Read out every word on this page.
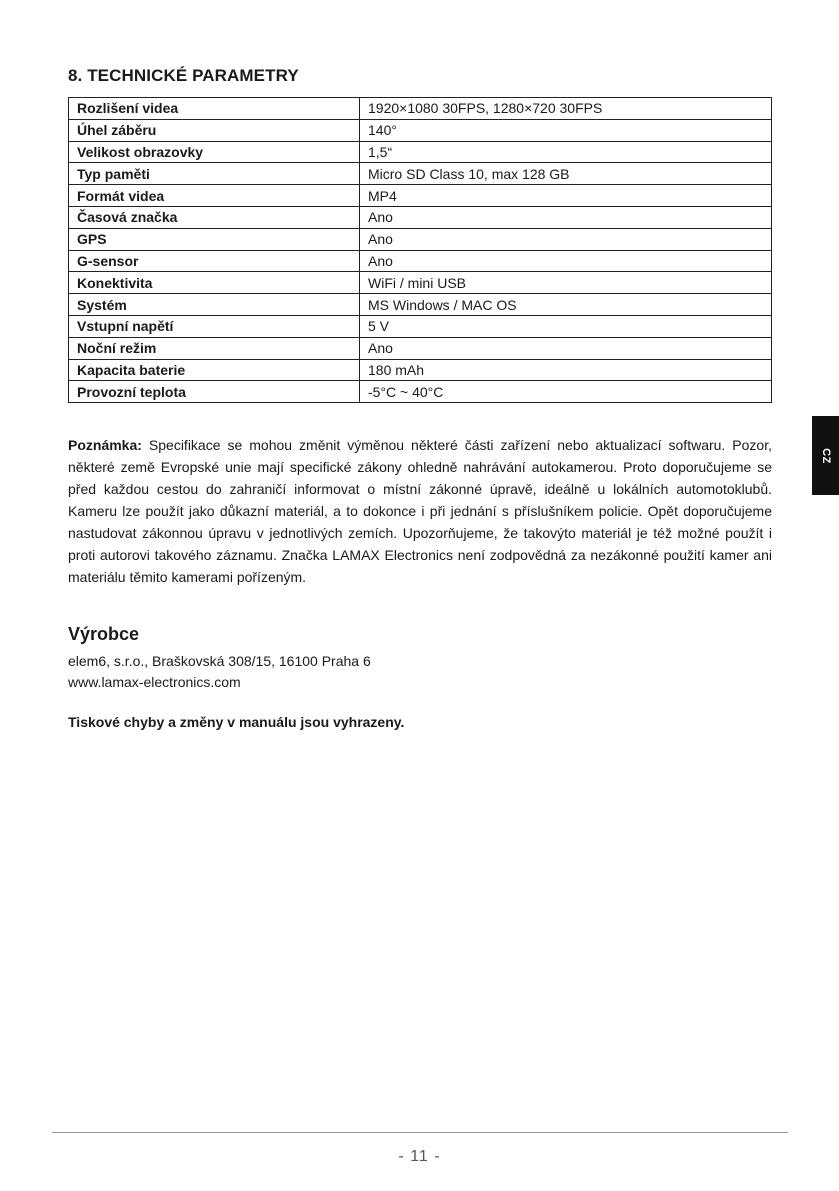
8. TECHNICKÉ PARAMETRY
Rozlišení videa	1920×1080 30FPS, 1280×720 30FPS
Úhel záběru	140°
Velikost obrazovky	1,5“
Typ paměti	Micro SD Class 10, max 128 GB
Formát videa	MP4
Časová značka	Ano
GPS	Ano
G-sensor	Ano
Konektivita	WiFi / mini USB
Systém	MS Windows / MAC OS
Vstupní napětí	5 V
Noční režim	Ano
Kapacita baterie	180 mAh
Provozní teplota	-5°C ~ 40°C

Poznámka: Specifikace se mohou změnit výměnou některé části zařízení nebo aktualizací softwaru. Pozor, některé země Evropské unie mají specifické zákony ohledně nahrávání autokamerou. Proto doporučujeme se před každou cestou do zahraničí informovat o místní zákonné úpravě, ideálně u lokálních automotoklubů. Kameru lze použít jako důkazní materiál, a to dokonce i při jednání s příslušníkem policie. Opět doporučujeme nastudovat zákonnou úpravu v jednotlivých zemích. Upozorňujeme, že takovýto materiál je též možné použít i proti autorovi takového záznamu. Značka LAMAX Electronics není zodpovědná za nezákonné použití kamer ani materiálu těmito kamerami pořízeným.

Výrobce

elem6, s.r.o., Braškovská 308/15, 16100 Praha 6

www.lamax-electronics.com

Tiskové chyby a změny v manuálu jsou vyhrazeny.

CZ
- 11 -
